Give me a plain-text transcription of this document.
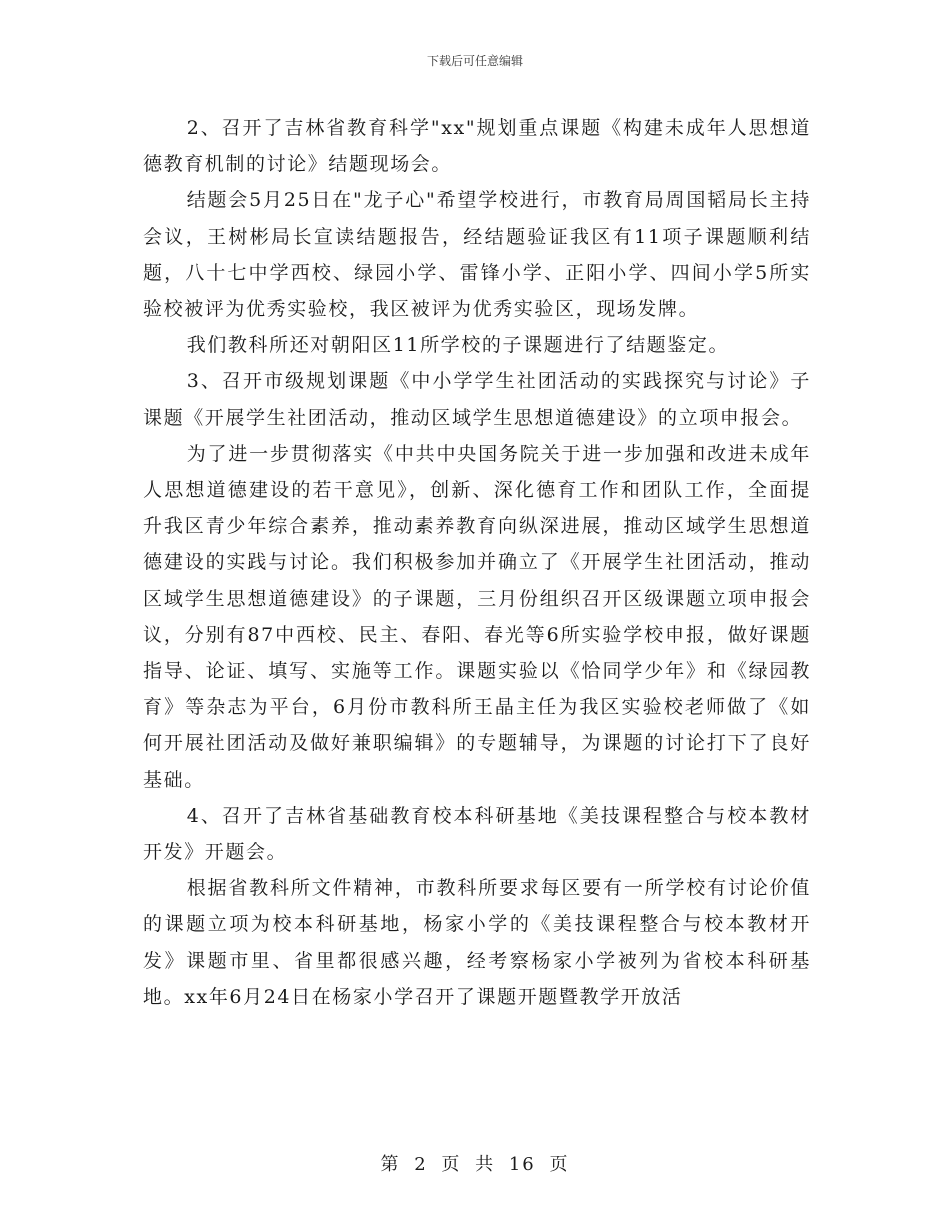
下载后可任意编辑

2、召开了吉林省教育科学"xx"规划重点课题《构建未成年人思想道德教育机制的讨论》结题现场会。

结题会5月25日在"龙子心"希望学校进行，市教育局周国韬局长主持会议，王树彬局长宣读结题报告，经结题验证我区有11项子课题顺利结题，八十七中学西校、绿园小学、雷锋小学、正阳小学、四间小学5所实验校被评为优秀实验校，我区被评为优秀实验区，现场发牌。

我们教科所还对朝阳区11所学校的子课题进行了结题鉴定。

3、召开市级规划课题《中小学学生社团活动的实践探究与讨论》子课题《开展学生社团活动，推动区域学生思想道德建设》的立项申报会。

为了进一步贯彻落实《中共中央国务院关于进一步加强和改进未成年人思想道德建设的若干意见》，创新、深化德育工作和团队工作，全面提升我区青少年综合素养，推动素养教育向纵深进展，推动区域学生思想道德建设的实践与讨论。我们积极参加并确立了《开展学生社团活动，推动区域学生思想道德建设》的子课题，三月份组织召开区级课题立项申报会议，分别有87中西校、民主、春阳、春光等6所实验学校申报，做好课题指导、论证、填写、实施等工作。课题实验以《恰同学少年》和《绿园教育》等杂志为平台，6月份市教科所王晶主任为我区实验校老师做了《如何开展社团活动及做好兼职编辑》的专题辅导，为课题的讨论打下了良好基础。

4、召开了吉林省基础教育校本科研基地《美技课程整合与校本教材开发》开题会。

根据省教科所文件精神，市教科所要求每区要有一所学校有讨论价值的课题立项为校本科研基地，杨家小学的《美技课程整合与校本教材开发》课题市里、省里都很感兴趣，经考察杨家小学被列为省校本科研基地。xx年6月24日在杨家小学召开了课题开题暨教学开放活

第 2 页 共 16 页
